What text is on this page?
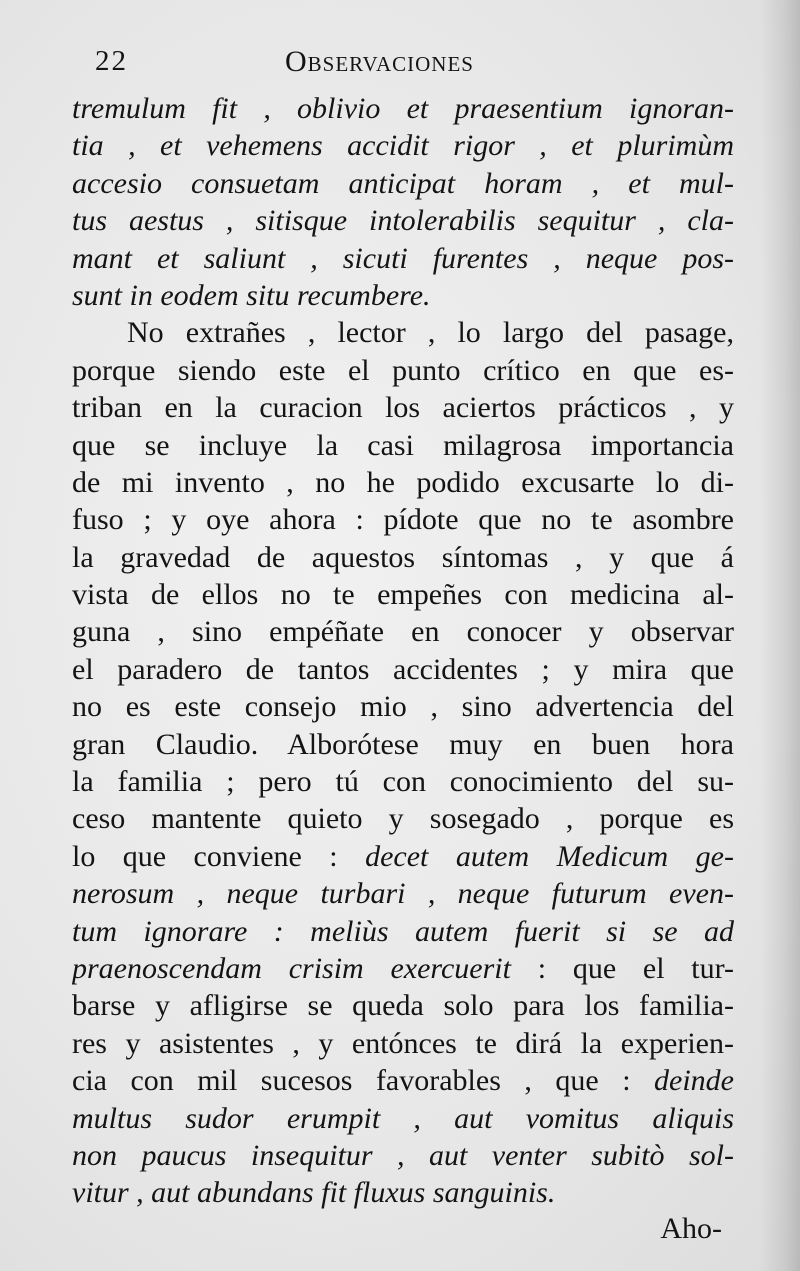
22	Observaciones
tremulum fit , oblivio et praesentium ignoran-
tia , et vehemens accidit rigor , et plurimùm
accesio consuetam anticipat horam , et mul-
tus aestus , sitisque intolerabilis sequitur , cla-
mant et saliunt , sicuti furentes , neque pos-
sunt in eodem situ recumbere.
No extrañes , lector , lo largo del pasage,
porque siendo este el punto crítico en que es-
triban en la curacion los aciertos prácticos , y
que se incluye la casi milagrosa importancia
de mi invento , no he podido excusarte lo di-
fuso ; y oye ahora : pídote que no te asombre
la gravedad de aquestos síntomas , y que á
vista de ellos no te empeñes con medicina al-
guna , sino empéñate en conocer y observar
el paradero de tantos accidentes ; y mira que
no es este consejo mio , sino advertencia del
gran Claudio. Alborótese muy en buen hora
la familia ; pero tú con conocimiento del su-
ceso mantente quieto y sosegado , porque es
lo que conviene : decet autem Medicum ge-
nerosum , neque turbari , neque futurum even-
tum ignorare : meliùs autem fuerit si se ad
praenoscendam crisim exercuerit : que el tur-
barse y afligirse se queda solo para los familia-
res y asistentes , y entónces te dirá la experien-
cia con mil sucesos favorables , que : deinde
multus sudor erumpit , aut vomitus aliquis
non paucus insequitur , aut venter subitò sol-
vitur , aut abundans fit fluxus sanguinis.
Aho-
